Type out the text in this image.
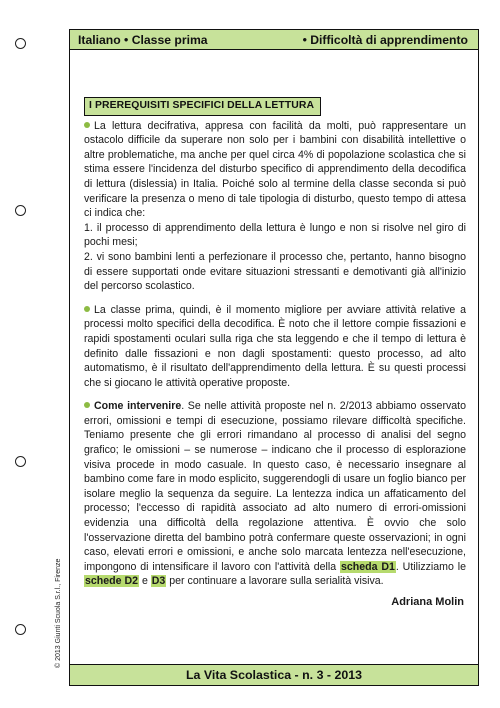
© 2013 Giunti Scuola S.r.l., Firenze
Italiano • Classe prima	• Difficoltà di apprendimento
I PREREQUISITI SPECIFICI DELLA LETTURA
La lettura decifrativa, appresa con facilità da molti, può rappresentare un ostacolo difficile da superare non solo per i bambini con disabilità intellettive o altre problematiche, ma anche per quel circa 4% di popolazione scolastica che si stima essere l'incidenza del disturbo specifico di apprendimento della decodifica di lettura (dislessia) in Italia. Poiché solo al termine della classe seconda si può verificare la presenza o meno di tale tipologia di disturbo, questo tempo di attesa ci indica che:
1. il processo di apprendimento della lettura è lungo e non si risolve nel giro di pochi mesi;
2. vi sono bambini lenti a perfezionare il processo che, pertanto, hanno bisogno di essere supportati onde evitare situazioni stressanti e demotivanti già all'inizio del percorso scolastico.
La classe prima, quindi, è il momento migliore per avviare attività relative a processi molto specifici della decodifica. È noto che il lettore compie fissazioni e rapidi spostamenti oculari sulla riga che sta leggendo e che il tempo di lettura è definito dalle fissazioni e non dagli spostamenti: questo processo, ad alto automatismo, è il risultato dell'apprendimento della lettura. È su questi processi che si giocano le attività operative proposte.
Come intervenire. Se nelle attività proposte nel n. 2/2013 abbiamo osservato errori, omissioni e tempi di esecuzione, possiamo rilevare difficoltà specifiche. Teniamo presente che gli errori rimandano al processo di analisi del segno grafico; le omissioni – se numerose – indicano che il processo di esplorazione visiva procede in modo casuale. In questo caso, è necessario insegnare al bambino come fare in modo esplicito, suggerendogli di usare un foglio bianco per isolare meglio la sequenza da seguire. La lentezza indica un affaticamento del processo; l'eccesso di rapidità associato ad alto numero di errori-omissioni evidenzia una difficoltà della regolazione attentiva. È ovvio che solo l'osservazione diretta del bambino potrà confermare queste osservazioni; in ogni caso, elevati errori e omissioni, e anche solo marcata lentezza nell'esecuzione, impongono di intensificare il lavoro con l'attività della scheda D1. Utilizziamo le schede D2 e D3 per continuare a lavorare sulla serialità visiva.
Adriana Molin
La Vita Scolastica - n. 3 - 2013
